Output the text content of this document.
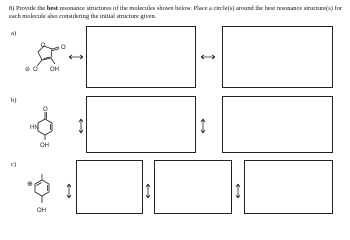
8) Provide the best resonance structures of the molecules shown below. Place a circle(s) around the best resonance structure(s) for each molecule also considering the initial structure given.
a)
O	O
O
⊖	OH
b)
O
HN
OH
c)
⊕
OH
